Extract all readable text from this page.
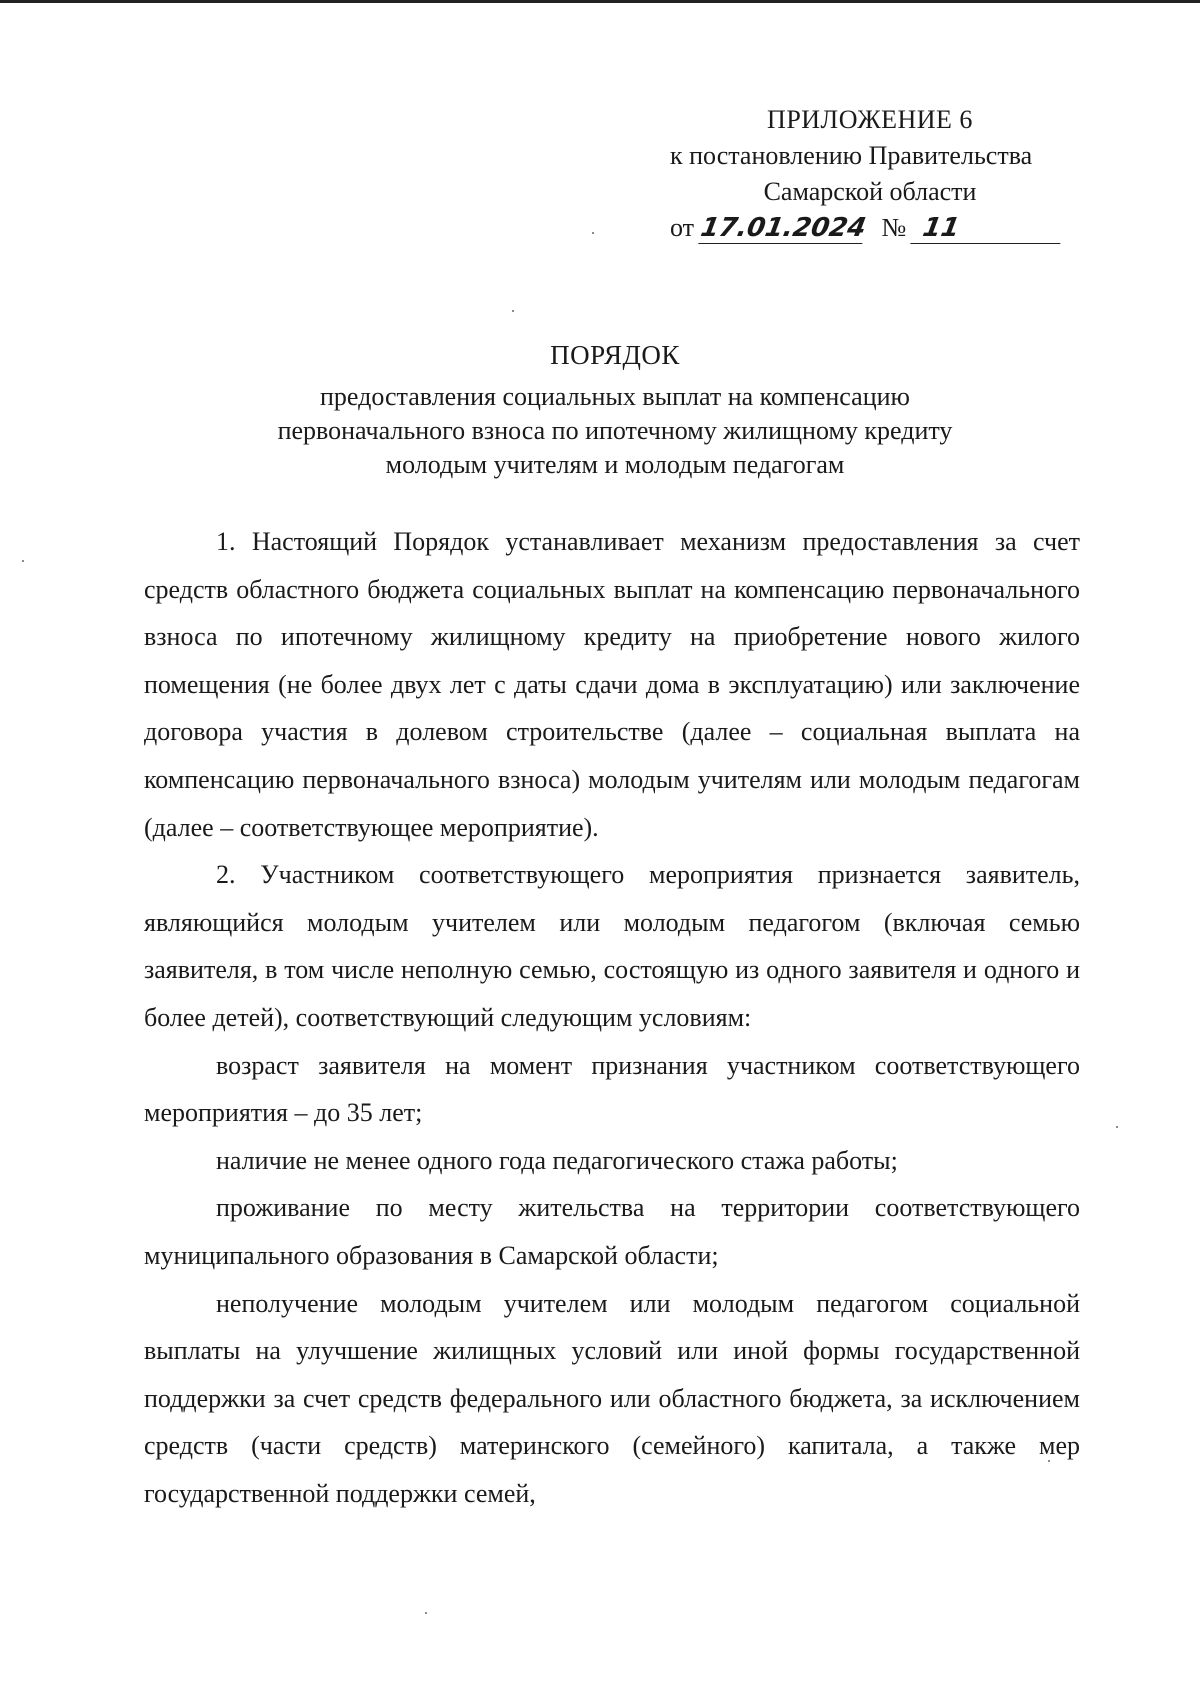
ПРИЛОЖЕНИЕ 6
к постановлению Правительства
Самарской области
от 17.01.2024 № 11
ПОРЯДОК
предоставления социальных выплат на компенсацию
первоначального взноса по ипотечному жилищному кредиту
молодым учителям и молодым педагогам

1. Настоящий Порядок устанавливает механизм предоставления за счет средств областного бюджета социальных выплат на компенсацию первоначального взноса по ипотечному жилищному кредиту на приобретение нового жилого помещения (не более двух лет с даты сдачи дома в эксплуатацию) или заключение договора участия в долевом строительстве (далее – социальная выплата на компенсацию первоначального взноса) молодым учителям или молодым педагогам (далее – соответствующее мероприятие).

2. Участником соответствующего мероприятия признается заявитель, являющийся молодым учителем или молодым педагогом (включая семью заявителя, в том числе неполную семью, состоящую из одного заявителя и одного и более детей), соответствующий следующим условиям:

возраст заявителя на момент признания участником соответствующего мероприятия – до 35 лет;

наличие не менее одного года педагогического стажа работы;

проживание по месту жительства на территории соответствующего муниципального образования в Самарской области;

неполучение молодым учителем или молодым педагогом социальной выплаты на улучшение жилищных условий или иной формы государственной поддержки за счет средств федерального или областного бюджета, за исключением средств (части средств) материнского (семейного) капитала, а также мер государственной поддержки семей,
